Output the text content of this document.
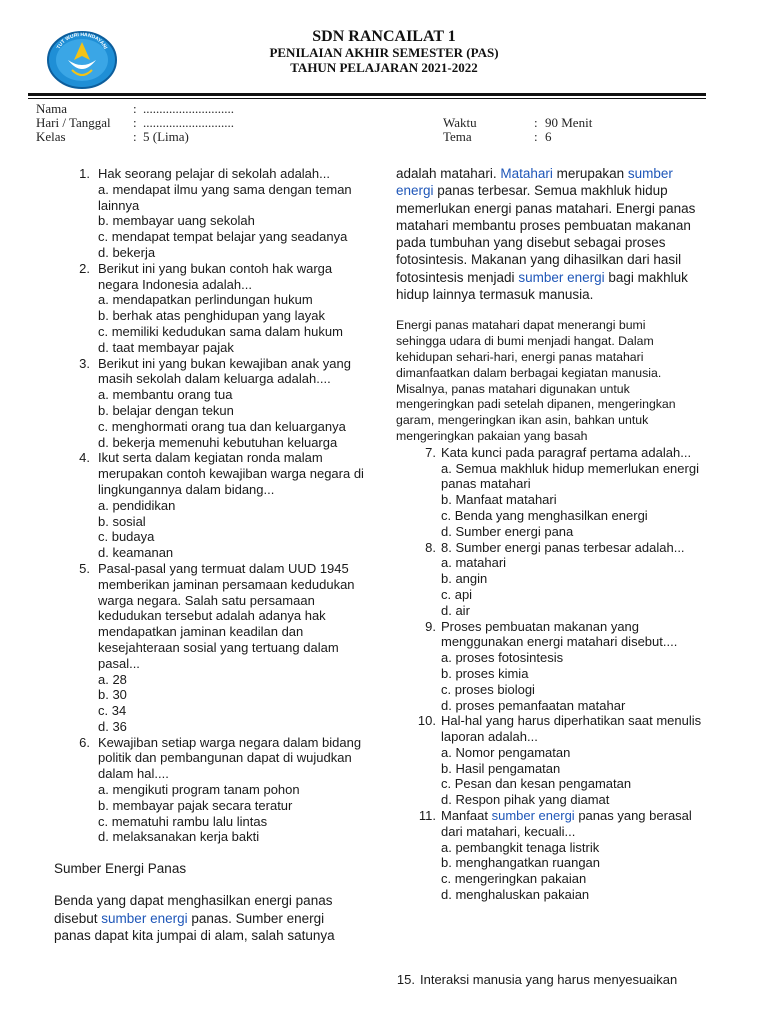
TUT WURI HANDAYANI
SDN RANCAILAT 1
PENILAIAN AKHIR SEMESTER (PAS)
TAHUN PELAJARAN 2021-2022
Nama	: ............................
Hari / Tanggal : ............................
Kelas	: 5 (Lima)
Waktu	: 90 Menit
Tema	: 6
1. Hak seorang pelajar di sekolah adalah...
a. mendapat ilmu yang sama dengan teman
lainnya
b. membayar uang sekolah
c. mendapat tempat belajar yang seadanya
d. bekerja
2. Berikut ini yang bukan contoh hak warga
negara Indonesia adalah...
a. mendapatkan perlindungan hukum
b. berhak atas penghidupan yang layak
c. memiliki kedudukan sama dalam hukum
d. taat membayar pajak
3. Berikut ini yang bukan kewajiban anak yang
masih sekolah dalam keluarga adalah....
a. membantu orang tua
b. belajar dengan tekun
c. menghormati orang tua dan keluarganya
d. bekerja memenuhi kebutuhan keluarga
4. Ikut serta dalam kegiatan ronda malam
merupakan contoh kewajiban warga negara di
lingkungannya dalam bidang...
a. pendidikan
b. sosial
c. budaya
d. keamanan
5. Pasal-pasal yang termuat dalam UUD 1945
memberikan jaminan persamaan kedudukan
warga negara. Salah satu persamaan
kedudukan tersebut adalah adanya hak
mendapatkan jaminan keadilan dan
kesejahteraan sosial yang tertuang dalam
pasal...
a. 28
b. 30
c. 34
d. 36
6. Kewajiban setiap warga negara dalam bidang
politik dan pembangunan dapat di wujudkan
dalam hal....
a. mengikuti program tanam pohon
b. membayar pajak secara teratur
c. mematuhi rambu lalu lintas
d. melaksanakan kerja bakti
Sumber Energi Panas
Benda yang dapat menghasilkan energi panas
disebut sumber energi panas. Sumber energi
panas dapat kita jumpai di alam, salah satunya
adalah matahari. Matahari merupakan sumber
energi panas terbesar. Semua makhluk hidup
memerlukan energi panas matahari. Energi panas
matahari membantu proses pembuatan makanan
pada tumbuhan yang disebut sebagai proses
fotosintesis. Makanan yang dihasilkan dari hasil
fotosintesis menjadi sumber energi bagi makhluk
hidup lainnya termasuk manusia.
Energi panas matahari dapat menerangi bumi
sehingga udara di bumi menjadi hangat. Dalam
kehidupan sehari-hari, energi panas matahari
dimanfaatkan dalam berbagai kegiatan manusia.
Misalnya, panas matahari digunakan untuk
mengeringkan padi setelah dipanen, mengeringkan
garam, mengeringkan ikan asin, bahkan untuk
mengeringkan pakaian yang basah
7. Kata kunci pada paragraf pertama adalah...
a. Semua makhluk hidup memerlukan energi
panas matahari
b. Manfaat matahari
c. Benda yang menghasilkan energi
d. Sumber energi pana
8. 8. Sumber energi panas terbesar adalah...
a. matahari
b. angin
c. api
d. air
9. Proses pembuatan makanan yang
menggunakan energi matahari disebut....
a. proses fotosintesis
b. proses kimia
c. proses biologi
d. proses pemanfaatan matahar
10. Hal-hal yang harus diperhatikan saat menulis
laporan adalah...
a. Nomor pengamatan
b. Hasil pengamatan
c. Pesan dan kesan pengamatan
d. Respon pihak yang diamat
11. Manfaat sumber energi panas yang berasal
dari matahari, kecuali...
a. pembangkit tenaga listrik
b. menghangatkan ruangan
c. mengeringkan pakaian
d. menghaluskan pakaian
15. Interaksi manusia yang harus menyesuaikan
